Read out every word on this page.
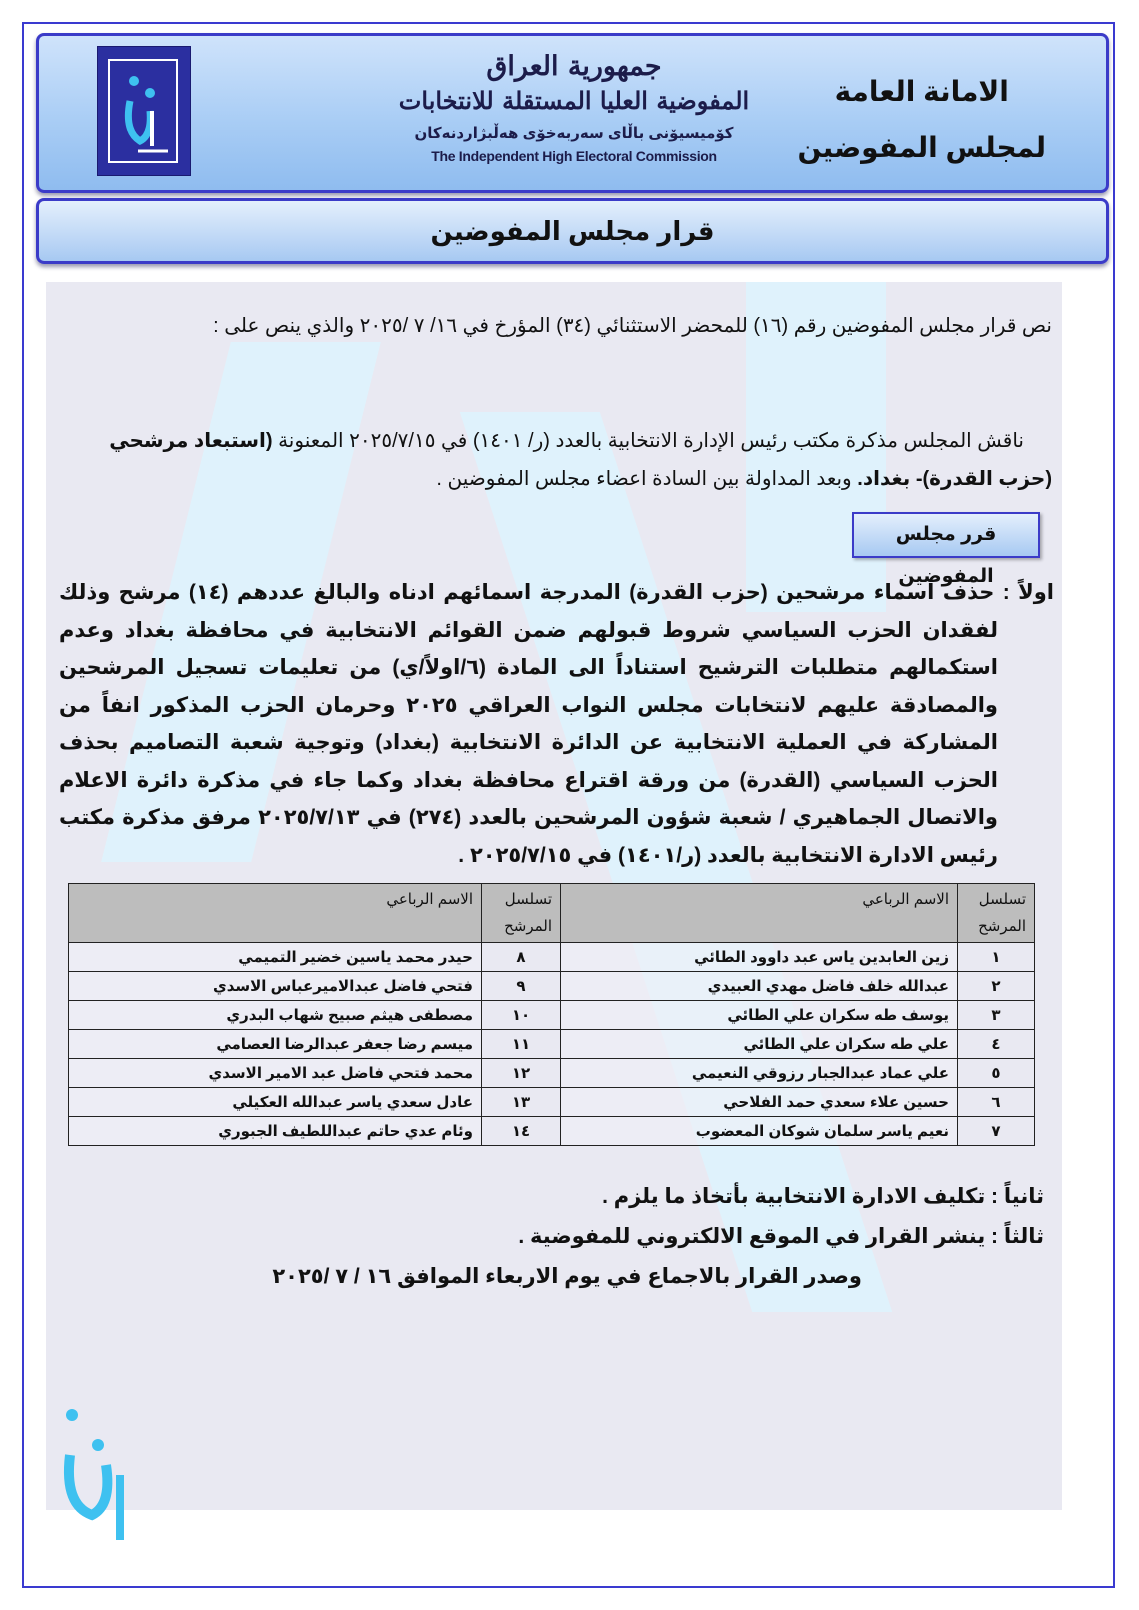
جمهورية العراق
المفوضية العليا المستقلة للانتخابات
كۆمیسیۆنی باڵای سەربەخۆی هەڵبژاردنەکان
The Independent High Electoral Commission
الامانة العامة
لمجلس المفوضين
قرار مجلس المفوضين
نص قرار مجلس المفوضين رقم (١٦) للمحضر الاستثنائي (٣٤) المؤرخ في ١٦/ ٧ /٢٠٢٥ والذي ينص على :
ناقش المجلس مذكرة مكتب رئيس الإدارة الانتخابية بالعدد (ر/ ١٤٠١) في ٢٠٢٥/٧/١٥ المعنونة (استبعاد مرشحي (حزب القدرة)- بغداد. وبعد المداولة بين السادة اعضاء مجلس المفوضين .
قرر مجلس المفوضين
اولاً : حذف اسماء مرشحين (حزب القدرة) المدرجة اسمائهم ادناه والبالغ عددهم (١٤) مرشح وذلك لفقدان الحزب السياسي شروط قبولهم ضمن القوائم الانتخابية في محافظة بغداد وعدم استكمالهم متطلبات الترشيح استناداً الى المادة (٦/اولاً/ي) من تعليمات تسجيل المرشحين والمصادقة عليهم لانتخابات مجلس النواب العراقي ٢٠٢٥ وحرمان الحزب المذكور انفاً من المشاركة في العملية الانتخابية عن الدائرة الانتخابية (بغداد) وتوجية شعبة التصاميم بحذف الحزب السياسي (القدرة) من ورقة اقتراع محافظة بغداد وكما جاء في مذكرة دائرة الاعلام والاتصال الجماهيري / شعبة شؤون المرشحين بالعدد (٢٧٤) في ٢٠٢٥/٧/١٣ مرفق مذكرة مكتب رئيس الادارة الانتخابية بالعدد (ر/١٤٠١) في ٢٠٢٥/٧/١٥ .
تسلسل المرشح	الاسم الرباعي	تسلسل المرشح	الاسم الرباعي
١	زين العابدين ياس عبد داوود الطائي	٨	حيدر محمد ياسين خضير التميمي
٢	عبدالله خلف فاضل مهدي العبيدي	٩	فتحي فاضل عبدالاميرعباس الاسدي
٣	يوسف طه سكران علي الطائي	١٠	مصطفى هيثم صبيح شهاب البدري
٤	علي طه سكران علي الطائي	١١	ميسم رضا جعفر عبدالرضا العصامي
٥	علي عماد عبدالجبار رزوقي النعيمي	١٢	محمد فتحي فاضل عبد الامير الاسدي
٦	حسين علاء سعدي حمد الفلاحي	١٣	عادل سعدي ياسر عبدالله العكيلي
٧	نعيم ياسر سلمان شوكان المعضوب	١٤	وئام عدي حاتم عبداللطيف الجبوري
ثانياً : تكليف الادارة الانتخابية بأتخاذ ما يلزم .
ثالثاً : ينشر القرار في الموقع الالكتروني للمفوضية .
وصدر القرار بالاجماع في يوم الاربعاء الموافق ١٦ / ٧ /٢٠٢٥
